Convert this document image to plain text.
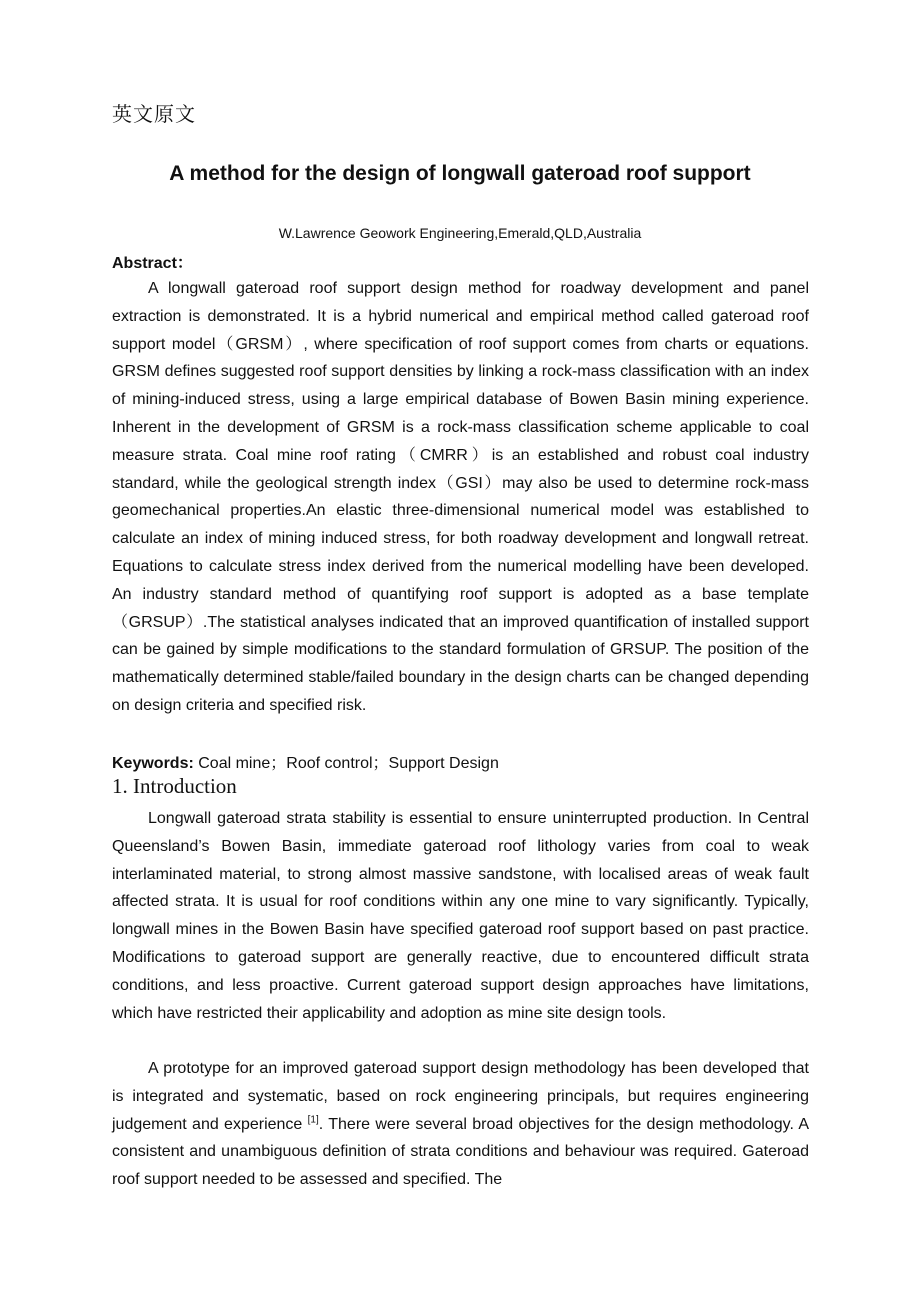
英文原文
A method for the design of longwall gateroad roof support
W.Lawrence Geowork Engineering,Emerald,QLD,Australia
Abstract：

A longwall gateroad roof support design method for roadway development and panel extraction is demonstrated. It is a hybrid numerical and empirical method called gateroad roof support model（GRSM）, where specification of roof support comes from charts or equations. GRSM defines suggested roof support densities by linking a rock-mass classification with an index of mining-induced stress, using a large empirical database of Bowen Basin mining experience. Inherent in the development of GRSM is a rock-mass classification scheme applicable to coal measure strata. Coal mine roof rating（CMRR）is an established and robust coal industry standard, while the geological strength index（GSI）may also be used to determine rock-mass geomechanical properties.An elastic three-dimensional numerical model was established to calculate an index of mining induced stress, for both roadway development and longwall retreat. Equations to calculate stress index derived from the numerical modelling have been developed. An industry standard method of quantifying roof support is adopted as a base template（GRSUP）.The statistical analyses indicated that an improved quantification of installed support can be gained by simple modifications to the standard formulation of GRSUP. The position of the mathematically determined stable/failed boundary in the design charts can be changed depending on design criteria and specified risk.

Keywords: Coal mine；Roof control；Support Design
1. Introduction

Longwall gateroad strata stability is essential to ensure uninterrupted production. In Central Queensland’s Bowen Basin, immediate gateroad roof lithology varies from coal to weak interlaminated material, to strong almost massive sandstone, with localised areas of weak fault affected strata. It is usual for roof conditions within any one mine to vary significantly. Typically, longwall mines in the Bowen Basin have specified gateroad roof support based on past practice. Modifications to gateroad support are generally reactive, due to encountered difficult strata conditions, and less proactive. Current gateroad support design approaches have limitations, which have restricted their applicability and adoption as mine site design tools.

A prototype for an improved gateroad support design methodology has been developed that is integrated and systematic, based on rock engineering principals, but requires engineering judgement and experience [1]. There were several broad objectives for the design methodology. A consistent and unambiguous definition of strata conditions and behaviour was required. Gateroad roof support needed to be assessed and specified. The
